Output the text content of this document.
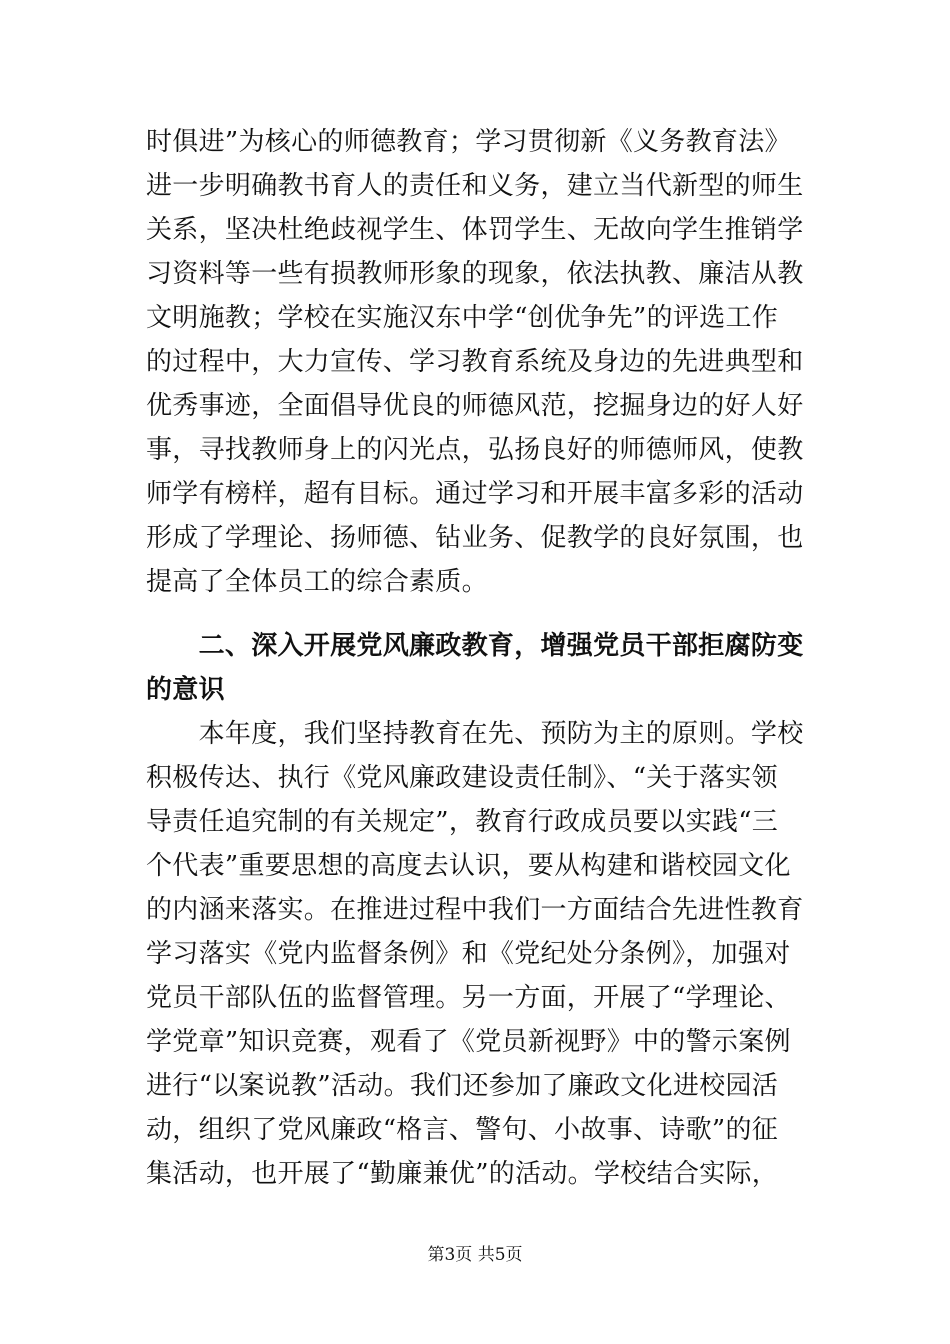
时俱进”为核心的师德教育；学习贯彻新《义务教育法》
进一步明确教书育人的责任和义务，建立当代新型的师生
关系，坚决杜绝歧视学生、体罚学生、无故向学生推销学
习资料等一些有损教师形象的现象，依法执教、廉洁从教
文明施教；学校在实施汉东中学“创优争先”的评选工作
的过程中，大力宣传、学习教育系统及身边的先进典型和
优秀事迹，全面倡导优良的师德风范，挖掘身边的好人好
事，寻找教师身上的闪光点，弘扬良好的师德师风，使教
师学有榜样，超有目标。通过学习和开展丰富多彩的活动
形成了学理论、扬师德、钻业务、促教学的良好氛围，也
提高了全体员工的综合素质。
　　二、深入开展党风廉政教育，增强党员干部拒腐防变
的意识
　　本年度，我们坚持教育在先、预防为主的原则。学校
积极传达、执行《党风廉政建设责任制》、“关于落实领
导责任追究制的有关规定”，教育行政成员要以实践“三
个代表”重要思想的高度去认识，要从构建和谐校园文化
的内涵来落实。在推进过程中我们一方面结合先进性教育
学习落实《党内监督条例》和《党纪处分条例》，加强对
党员干部队伍的监督管理。另一方面，开展了“学理论、
学党章”知识竞赛，观看了《党员新视野》中的警示案例
进行“以案说教”活动。我们还参加了廉政文化进校园活
动，组织了党风廉政“格言、警句、小故事、诗歌”的征
集活动，也开展了“勤廉兼优”的活动。学校结合实际，
第3页 共5页
